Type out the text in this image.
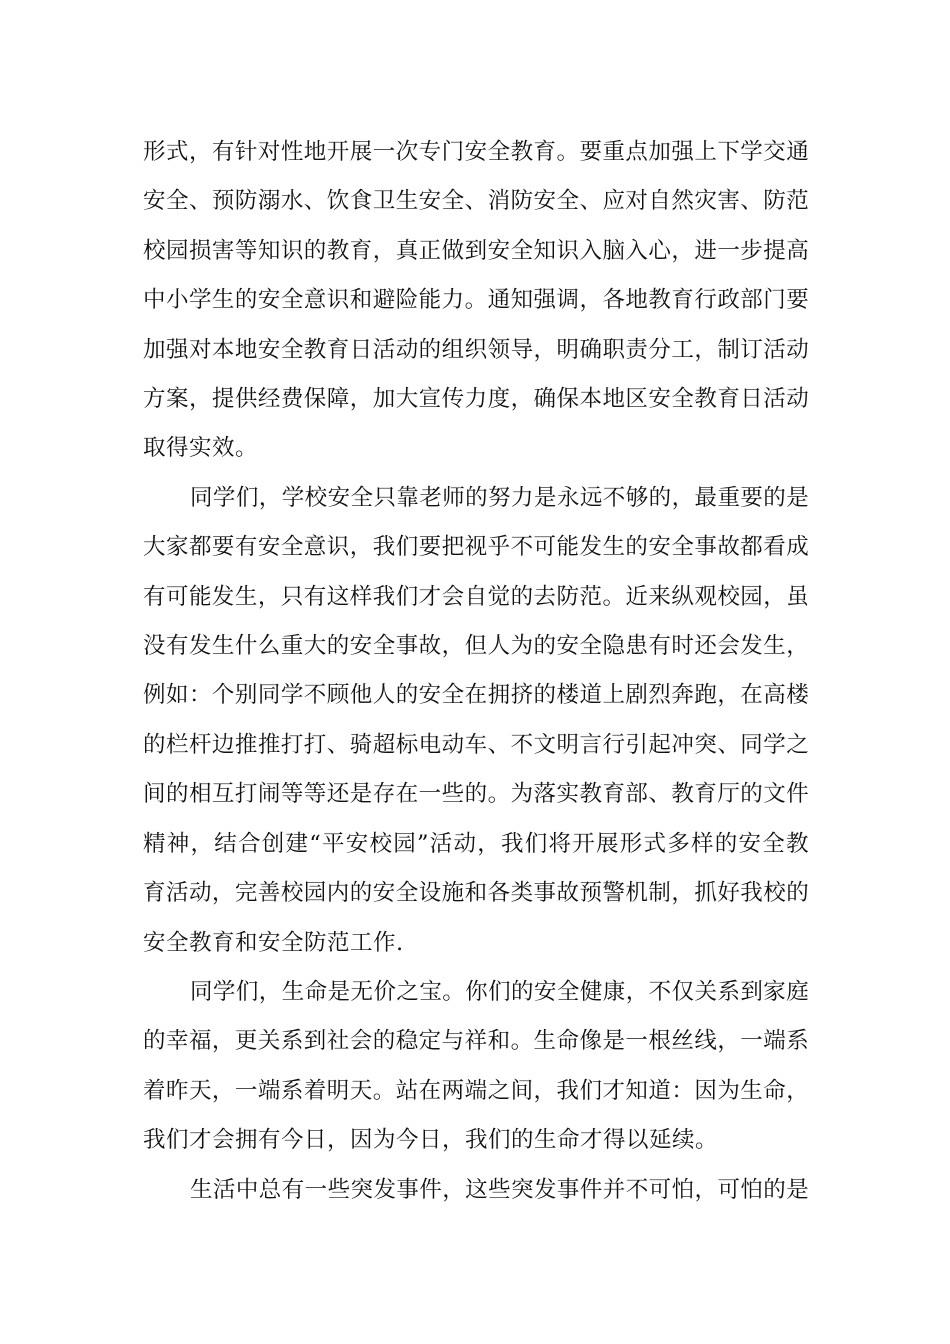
形式，有针对性地开展一次专门安全教育。要重点加强上下学交通
安全、预防溺水、饮食卫生安全、消防安全、应对自然灾害、防范
校园损害等知识的教育，真正做到安全知识入脑入心，进一步提高
中小学生的安全意识和避险能力。通知强调，各地教育行政部门要
加强对本地安全教育日活动的组织领导，明确职责分工，制订活动
方案，提供经费保障，加大宣传力度，确保本地区安全教育日活动
取得实效。
同学们，学校安全只靠老师的努力是永远不够的，最重要的是
大家都要有安全意识，我们要把视乎不可能发生的安全事故都看成
有可能发生，只有这样我们才会自觉的去防范。近来纵观校园，虽
没有发生什么重大的安全事故，但人为的安全隐患有时还会发生，
例如：个别同学不顾他人的安全在拥挤的楼道上剧烈奔跑，在高楼
的栏杆边推推打打、骑超标电动车、不文明言行引起冲突、同学之
间的相互打闹等等还是存在一些的。为落实教育部、教育厅的文件
精神，结合创建“平安校园”活动，我们将开展形式多样的安全教
育活动，完善校园内的安全设施和各类事故预警机制，抓好我校的
安全教育和安全防范工作.
同学们，生命是无价之宝。你们的安全健康，不仅关系到家庭
的幸福，更关系到社会的稳定与祥和。生命像是一根丝线，一端系
着昨天，一端系着明天。站在两端之间，我们才知道：因为生命，
我们才会拥有今日，因为今日，我们的生命才得以延续。
生活中总有一些突发事件，这些突发事件并不可怕，可怕的是
